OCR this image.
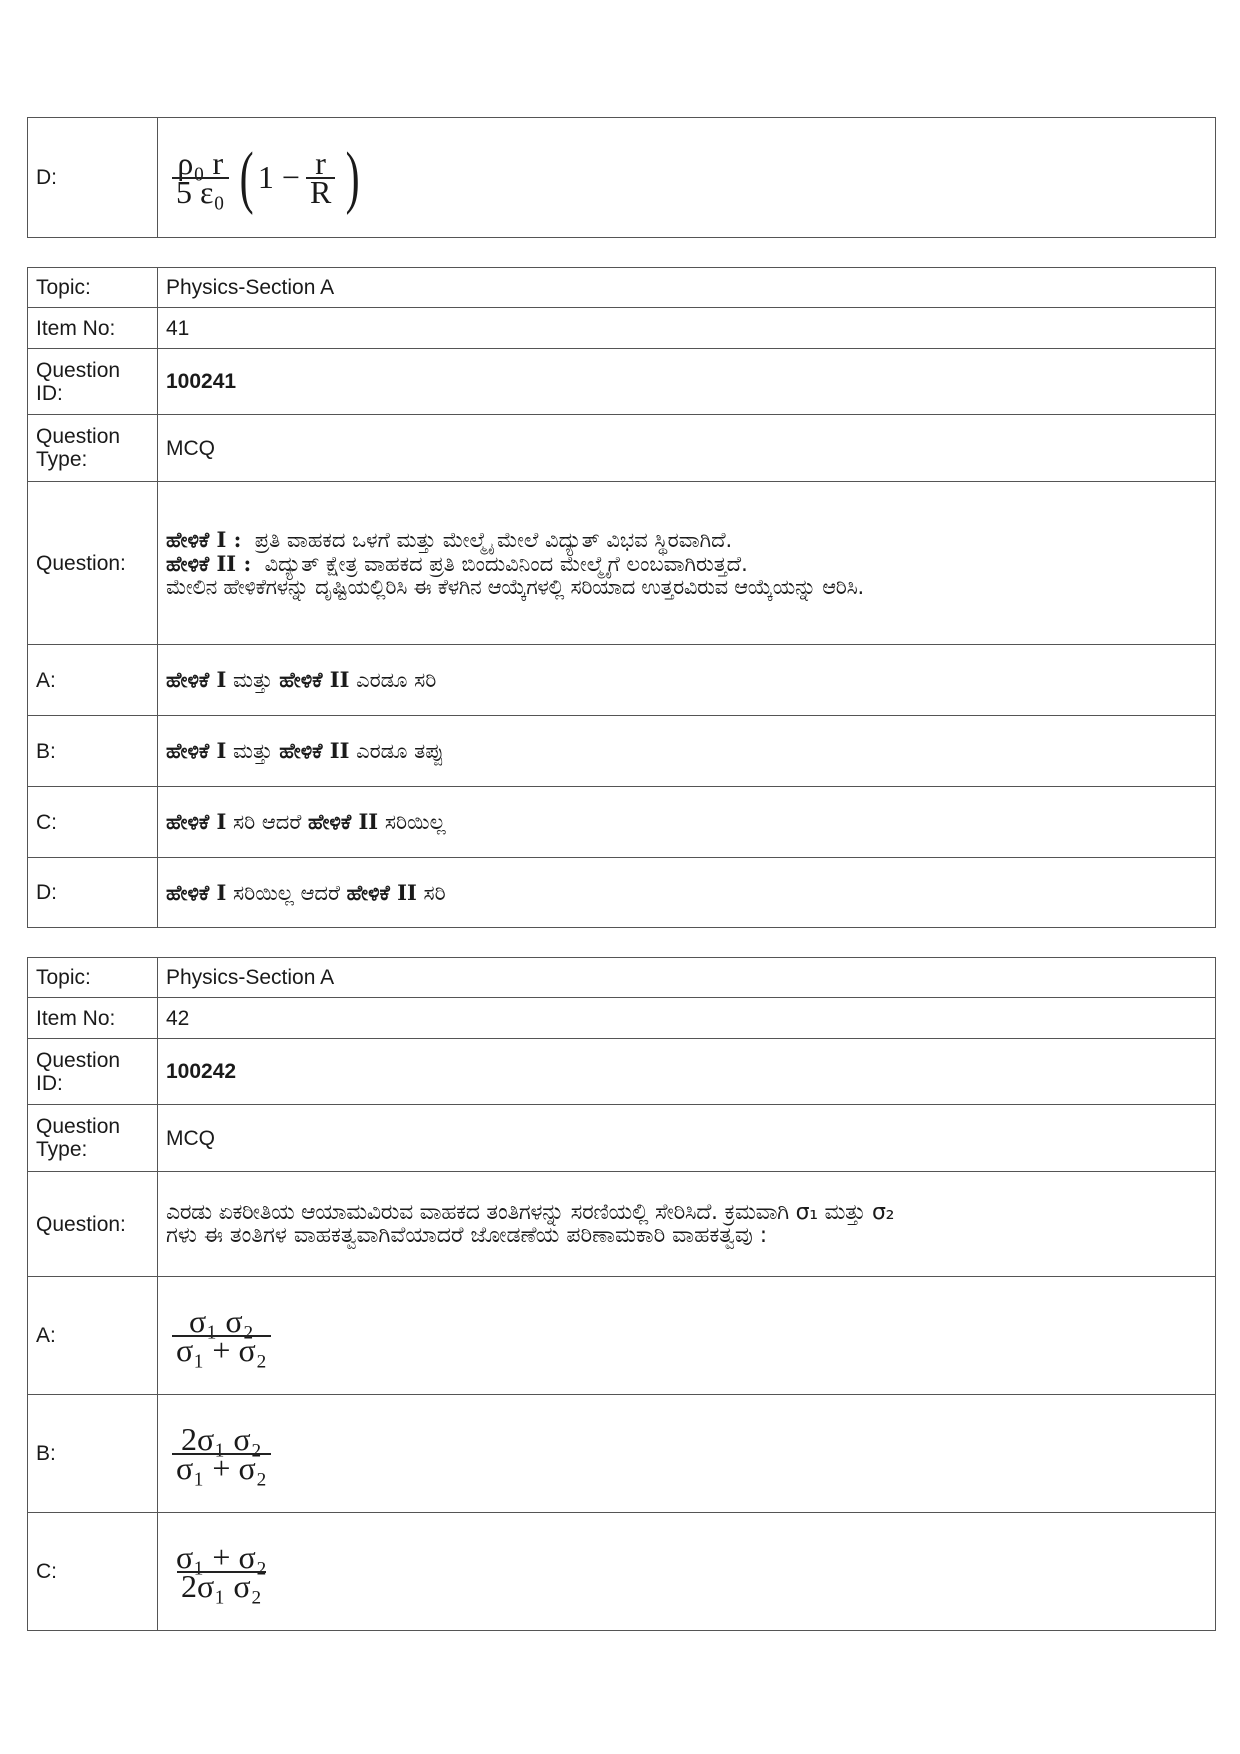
D:	$\frac{\text{ρ₀ r}}{\text{5 ε₀}}$ ( $1 - \frac{r}{R}$ )
Topic:	Physics-Section A
Item No:	41
Question ID:	100241
Question Type:	MCQ
Question:	ಹೇಳಿಕೆ I : ಪ್ರತಿ ವಾಹಕದ ಒಳಗೆ ಮತ್ತು ಮೇಲ್ಮೈ ಮೇಲೆ ವಿದ್ಯುತ್ ವಿಭವ ಸ್ಥಿರವಾಗಿದೆ.
ಹೇಳಿಕೆ II : ವಿದ್ಯುತ್ ಕ್ಷೇತ್ರ ವಾಹಕದ ಪ್ರತಿ ಬಿಂದುವಿನಿಂದ ಮೇಲ್ಮೈಗೆ ಲಂಬವಾಗಿರುತ್ತದೆ.
ಮೇಲಿನ ಹೇಳಿಕೆಗಳನ್ನು ದೃಷ್ಟಿಯಲ್ಲಿರಿಸಿ ಈ ಕೆಳಗಿನ ಆಯ್ಕೆಗಳಲ್ಲಿ ಸರಿಯಾದ ಉತ್ತರವಿರುವ ಆಯ್ಕೆಯನ್ನು ಆರಿಸಿ.

A:	ಹೇಳಿಕೆ I ಮತ್ತು ಹೇಳಿಕೆ II ಎರಡೂ ಸರಿ
B:	ಹೇಳಿಕೆ I ಮತ್ತು ಹೇಳಿಕೆ II ಎರಡೂ ತಪ್ಪು
C:	ಹೇಳಿಕೆ I ಸರಿ ಆದರೆ ಹೇಳಿಕೆ II ಸರಿಯಿಲ್ಲ
D:	ಹೇಳಿಕೆ I ಸರಿಯಿಲ್ಲ ಆದರೆ ಹೇಳಿಕೆ II ಸರಿ
Topic:	Physics-Section A
Item No:	42
Question ID:	100242
Question Type:	MCQ
Question:	ಎರಡು ಏಕರೀತಿಯ ಆಯಾಮವಿರುವ ವಾಹಕದ ತಂತಿಗಳನ್ನು ಸರಣಿಯಲ್ಲಿ ಸೇರಿಸಿದೆ. ಕ್ರಮವಾಗಿ σ₁ ಮತ್ತು σ₂
ಗಳು ಈ ತಂತಿಗಳ ವಾಹಕತ್ವವಾಗಿವೆಯಾದರೆ ಜೋಡಣೆಯ ಪರಿಣಾಮಕಾರಿ ವಾಹಕತ್ವವು :

A:	$\frac{\text{σ₁ σ₂}}{\text{σ₁ + σ₂}}$

B:	$\frac{\text{2σ₁ σ₂}}{\text{σ₁ + σ₂}}$

C:	$\frac{\text{σ₁ + σ₂}}{\text{2σ₁ σ₂}}$
